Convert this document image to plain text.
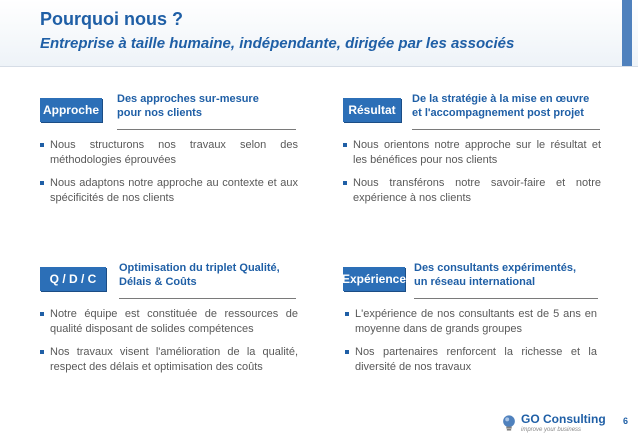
Pourquoi nous ?
Entreprise à taille humaine, indépendante, dirigée par les associés
Approche
Des approches sur-mesure
pour nos clients
Nous structurons nos travaux selon des méthodologies éprouvées
Nous adaptons notre approche au contexte et aux spécificités de nos clients
Résultat
De la stratégie à la mise en œuvre
et l'accompagnement post projet
Nous orientons notre approche sur le résultat et les bénéfices pour nos clients
Nous transférons notre savoir-faire et notre expérience à nos clients
Q / D / C
Optimisation du triplet Qualité,
Délais & Coûts
Notre équipe est constituée de ressources de qualité disposant de solides compétences
Nos travaux visent l'amélioration de la qualité, respect des délais et optimisation des coûts
Expérience
Des consultants expérimentés,
un réseau international
L'expérience de nos consultants est de 5 ans en moyenne dans de grands groupes
Nos partenaires renforcent la richesse et la diversité de nos travaux
GO Consulting
improve your business
6
